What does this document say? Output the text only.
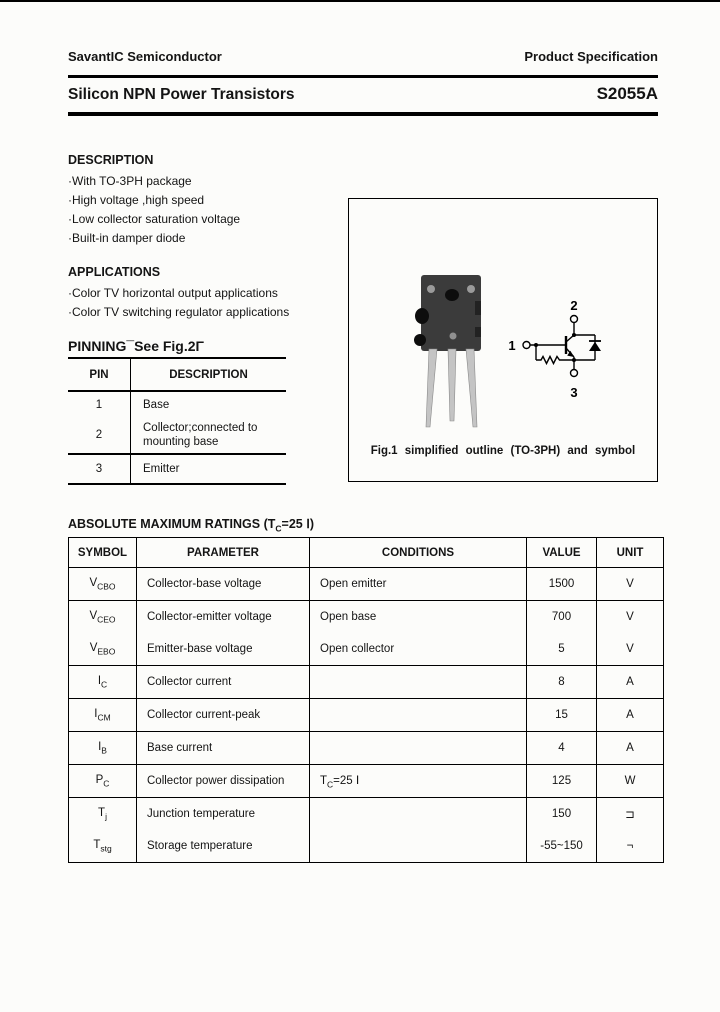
SavantIC Semiconductor	Product Specification
Silicon NPN Power Transistors	S2055A
DESCRIPTION
·With TO-3PH package
·High voltage ,high speed
·Low collector saturation voltage
·Built-in damper diode
APPLICATIONS
·Color TV horizontal output applications
·Color TV switching regulator applications
PINNING¯See Fig.2Γ
PIN	DESCRIPTION
1	Base
2	Collector;connected to mounting base
3	Emitter
1
2
3
Fig.1 simplified outline (TO-3PH) and symbol
ABSOLUTE MAXIMUM RATINGS ($T_C=25$ Ⅰ)
SYMBOL	PARAMETER	CONDITIONS	VALUE	UNIT
$V_{CBO}$	Collector-base voltage	Open emitter	1500	V
$V_{CEO}$	Collector-emitter voltage	Open base	700	V
$V_{EBO}$	Emitter-base voltage	Open collector	5	V
$I_C$	Collector current		8	A
$I_{CM}$	Collector current-peak		15	A
$I_B$	Base current		4	A
$P_C$	Collector power dissipation	$T_C=25$ Ⅰ	125	W
$T_j$	Junction temperature		150	⊐
$T_{stg}$	Storage temperature		-55~150	¬
